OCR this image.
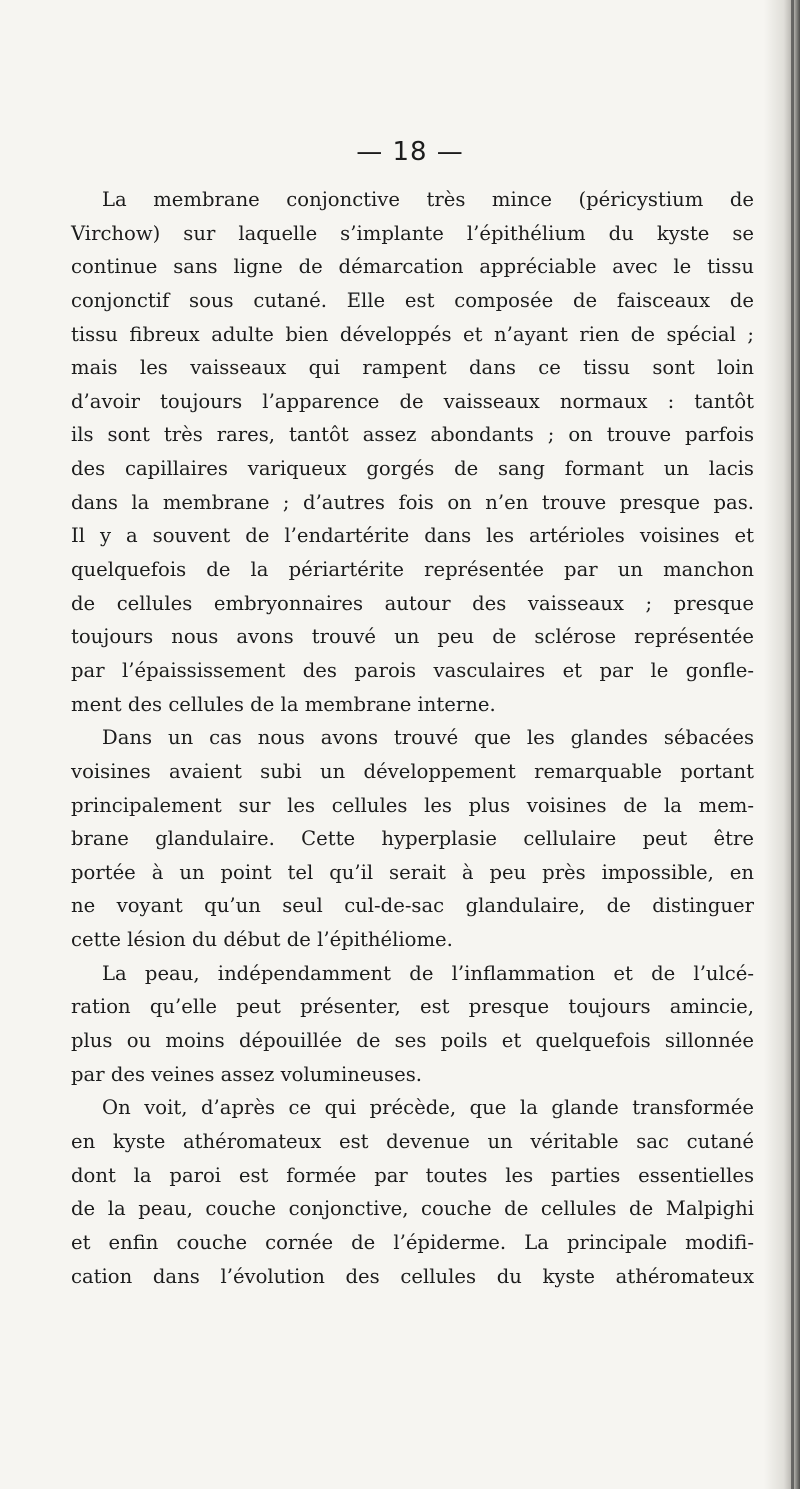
— 18 —
La membrane conjonctive très mince (péricystium de
Virchow) sur laquelle s’implante l’épithélium du kyste se
continue sans ligne de démarcation appréciable avec le tissu
conjonctif sous cutané. Elle est composée de faisceaux de
tissu fibreux adulte bien développés et n’ayant rien de spécial ;
mais les vaisseaux qui rampent dans ce tissu sont loin
d’avoir toujours l’apparence de vaisseaux normaux : tantôt
ils sont très rares, tantôt assez abondants ; on trouve parfois
des capillaires variqueux gorgés de sang formant un lacis
dans la membrane ; d’autres fois on n’en trouve presque pas.
Il y a souvent de l’endartérite dans les artérioles voisines et
quelquefois de la périartérite représentée par un manchon
de cellules embryonnaires autour des vaisseaux ; presque
toujours nous avons trouvé un peu de sclérose représentée
par l’épaississement des parois vasculaires et par le gonfle-
ment des cellules de la membrane interne.
Dans un cas nous avons trouvé que les glandes sébacées
voisines avaient subi un développement remarquable portant
principalement sur les cellules les plus voisines de la mem-
brane glandulaire. Cette hyperplasie cellulaire peut être
portée à un point tel qu’il serait à peu près impossible, en
ne voyant qu’un seul cul-de-sac glandulaire, de distinguer
cette lésion du début de l’épithéliome.
La peau, indépendamment de l’inflammation et de l’ulcé-
ration qu’elle peut présenter, est presque toujours amincie,
plus ou moins dépouillée de ses poils et quelquefois sillonnée
par des veines assez volumineuses.
On voit, d’après ce qui précède, que la glande transformée
en kyste athéromateux est devenue un véritable sac cutané
dont la paroi est formée par toutes les parties essentielles
de la peau, couche conjonctive, couche de cellules de Malpighi
et enfin couche cornée de l’épiderme. La principale modifi-
cation dans l’évolution des cellules du kyste athéromateux
